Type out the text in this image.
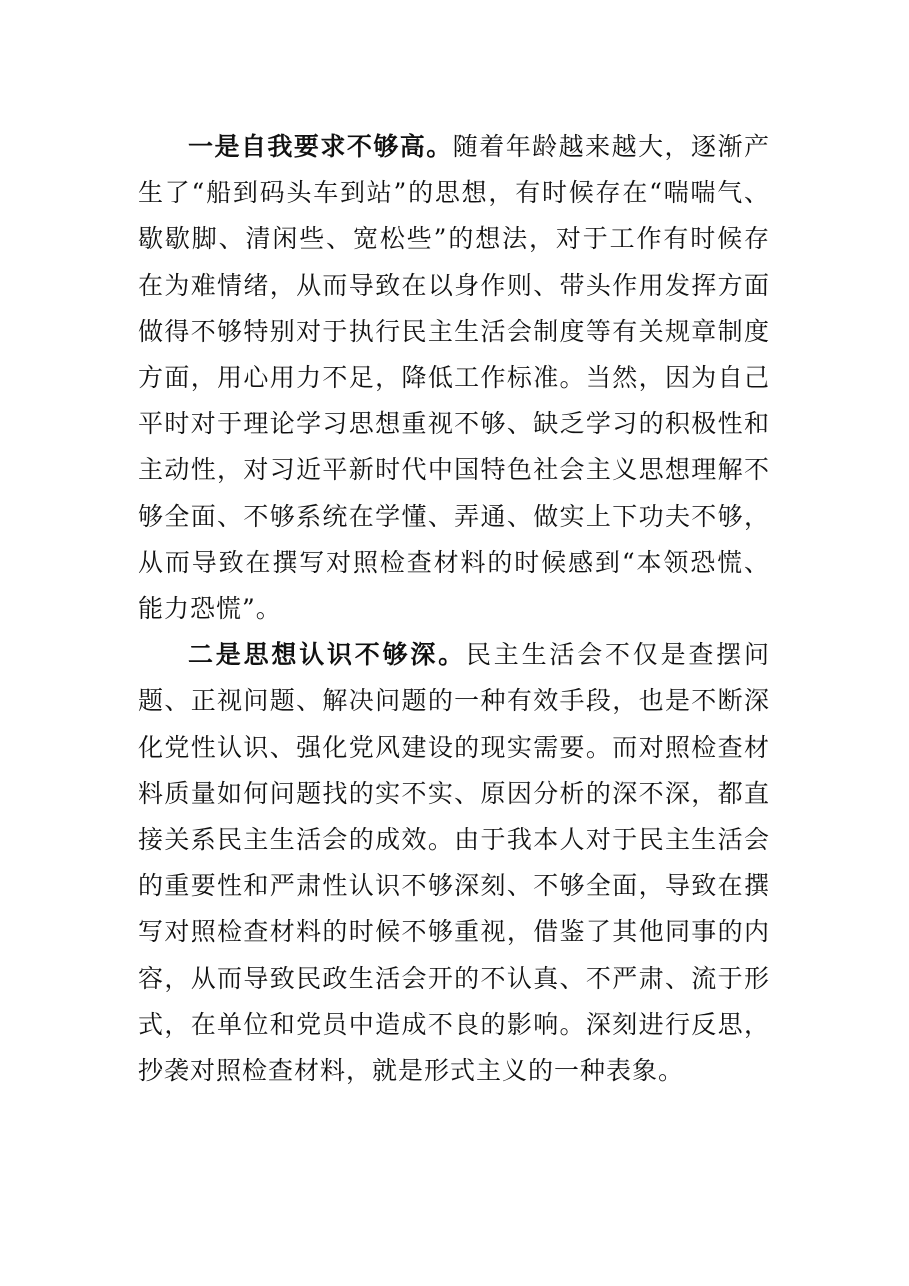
一是自我要求不够高。随着年龄越来越大，逐渐产生了“船到码头车到站”的思想，有时候存在“喘喘气、歇歇脚、清闲些、宽松些”的想法，对于工作有时候存在为难情绪，从而导致在以身作则、带头作用发挥方面做得不够特别对于执行民主生活会制度等有关规章制度方面，用心用力不足，降低工作标准。当然，因为自己平时对于理论学习思想重视不够、缺乏学习的积极性和主动性，对习近平新时代中国特色社会主义思想理解不够全面、不够系统在学懂、弄通、做实上下功夫不够，从而导致在撰写对照检查材料的时候感到“本领恐慌、能力恐慌”。

二是思想认识不够深。民主生活会不仅是查摆问题、正视问题、解决问题的一种有效手段，也是不断深化党性认识、强化党风建设的现实需要。而对照检查材料质量如何问题找的实不实、原因分析的深不深，都直接关系民主生活会的成效。由于我本人对于民主生活会的重要性和严肃性认识不够深刻、不够全面，导致在撰写对照检查材料的时候不够重视，借鉴了其他同事的内容，从而导致民政生活会开的不认真、不严肃、流于形式，在单位和党员中造成不良的影响。深刻进行反思，抄袭对照检查材料，就是形式主义的一种表象。
